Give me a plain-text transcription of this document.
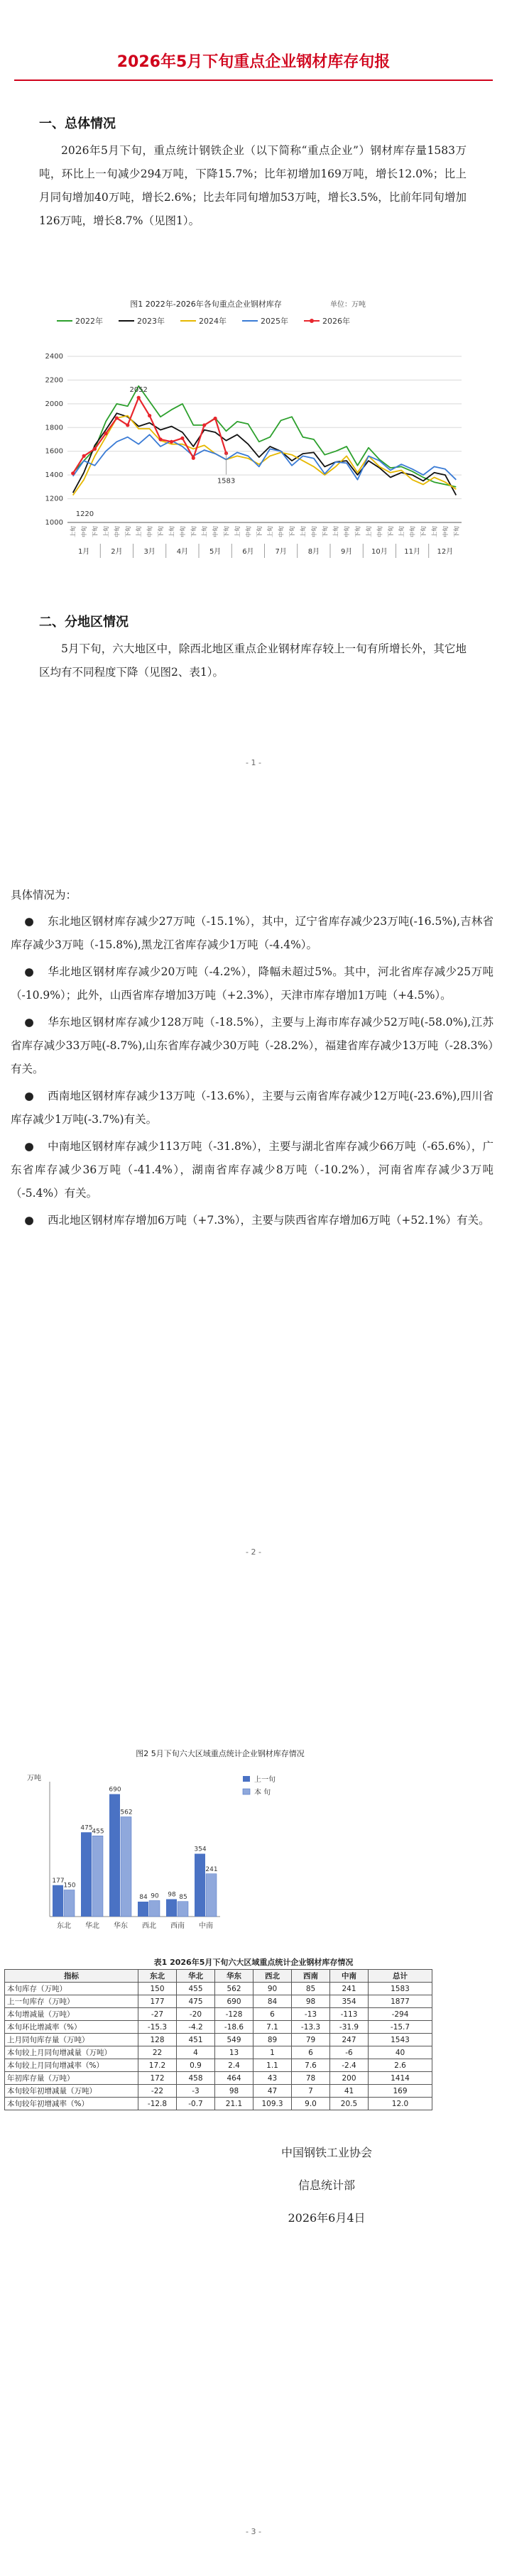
2026年5月下旬重点企业钢材库存旬报
一、总体情况

2026年5月下旬，重点统计钢铁企业（以下简称“重点企业”）钢材库存量1583万吨，环比上一旬减少294万吨，下降15.7%；比年初增加169万吨，增长12.0%；比上月同旬增加40万吨，增长2.6%；比去年同旬增加53万吨，增长3.5%，比前年同旬增加126万吨，增长8.7%（见图1）。

图1 2022年-2026年各旬重点企业钢材库存	单位：万吨
2022年	2023年	2024年	2025年	2026年
1000
1200
1400
1600
1800
2000
2200
2400
上旬 中旬 下旬 上旬 中旬 下旬 上旬 中旬 下旬 上旬 中旬 下旬 上旬 中旬 下旬 上旬 中旬 下旬 上旬 中旬 下旬 上旬 中旬 下旬 上旬 中旬 下旬 上旬 中旬 下旬 上旬 中旬 下旬 上旬 中旬 下旬
1月	2月	3月	4月	5月	6月	7月	8月	9月	10月 11月 12月
2052
1583
1220
二、分地区情况

5月下旬，六大地区中，除西北地区重点企业钢材库存较上一旬有所增长外，其它地区均有不同程度下降（见图2、表1）。

- 1 -
具体情况为：

● 东北地区钢材库存减少27万吨（-15.1%），其中，辽宁省库存减少23万吨(-16.5%),吉林省库存减少3万吨（-15.8%),黑龙江省库存减少1万吨（-4.4%）。

● 华北地区钢材库存减少20万吨（-4.2%），降幅未超过5%。其中，河北省库存减少25万吨（-10.9%）；此外，山西省库存增加3万吨（+2.3%），天津市库存增加1万吨（+4.5%）。

● 华东地区钢材库存减少128万吨（-18.5%），主要与上海市库存减少52万吨(-58.0%),江苏省库存减少33万吨(-8.7%),山东省库存减少30万吨（-28.2%），福建省库存减少13万吨（-28.3%）有关。

● 西南地区钢材库存减少13万吨（-13.6%），主要与云南省库存减少12万吨(-23.6%),四川省库存减少1万吨(-3.7%)有关。

● 中南地区钢材库存减少113万吨（-31.8%），主要与湖北省库存减少66万吨（-65.6%），广东省库存减少36万吨（-41.4%），湖南省库存减少8万吨（-10.2%），河南省库存减少3万吨（-5.4%）有关。

● 西北地区钢材库存增加6万吨（+7.3%），主要与陕西省库存增加6万吨（+52.1%）有关。

- 2 -
图2 5月下旬六大区域重点统计企业钢材库存情况
万吨	上一旬
本 旬
177
150
东北
475
455
华北
690
562
华东
84 90
西北
98 85
西南
354
241
中南
表1 2026年5月下旬六大区域重点统计企业钢材库存情况
指标	东北	华北	华东	西北	西南	中南	总计
本旬库存（万吨）	150	455	562	90	85	241	1583
上一旬库存（万吨）	177	475	690	84	98	354	1877
本旬增减量（万吨）	-27	-20	-128	6	-13	-113	-294
本旬环比增减率（%）	-15.3	-4.2	-18.6	7.1	-13.3	-31.9	-15.7
上月同旬库存量（万吨）	128	451	549	89	79	247	1543
本旬较上月同旬增减量（万吨）	22	4	13	1	6	-6	40
本旬较上月同旬增减率（%）	17.2	0.9	2.4	1.1	7.6	-2.4	2.6
年初库存量（万吨）	172	458	464	43	78	200	1414
本旬较年初增减量（万吨）	-22	-3	98	47	7	41	169
本旬较年初增减率（%）	-12.8	-0.7	21.1	109.3	9.0	20.5	12.0
中国钢铁工业协会
信息统计部
2026年6月4日
- 3 -
